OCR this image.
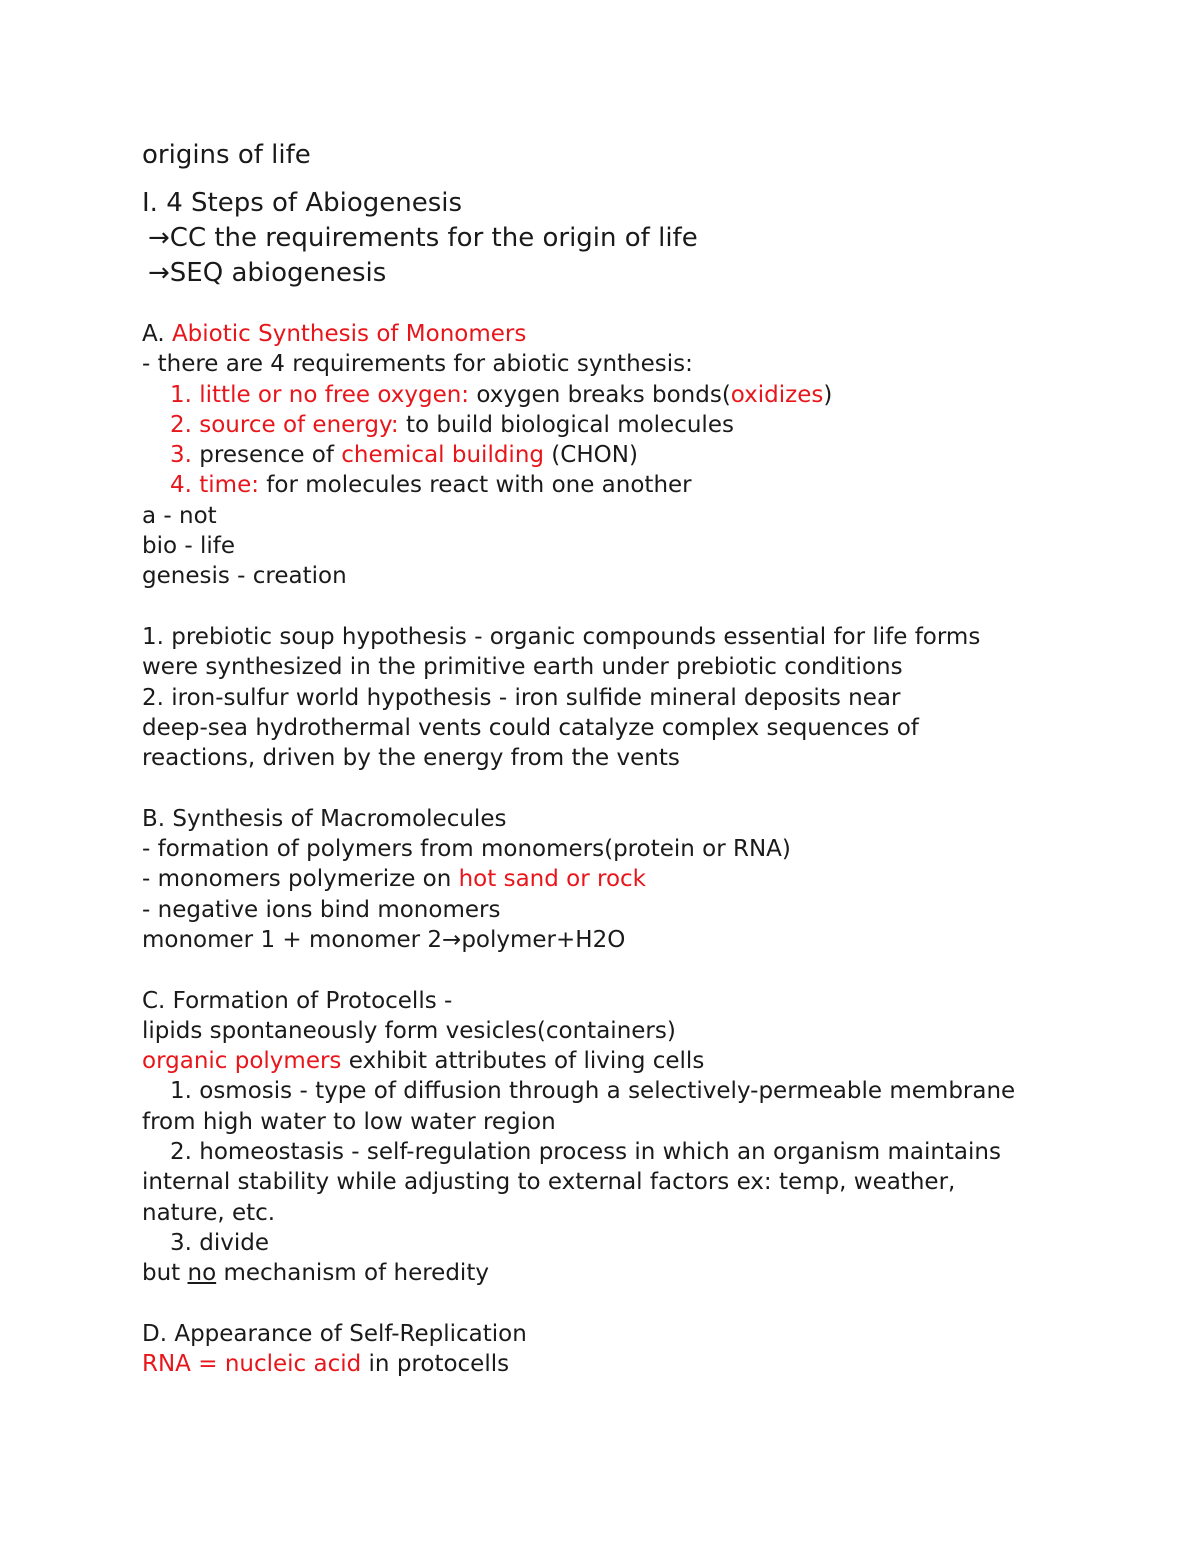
origins of life
I. 4 Steps of Abiogenesis
→CC the requirements for the origin of life
→SEQ abiogenesis
A. Abiotic Synthesis of Monomers
- there are 4 requirements for abiotic synthesis:
1. little or no free oxygen: oxygen breaks bonds(oxidizes)
2. source of energy: to build biological molecules
3. presence of chemical building (CHON)
4. time: for molecules react with one another
a - not
bio - life
genesis - creation
1. prebiotic soup hypothesis - organic compounds essential for life forms
were synthesized in the primitive earth under prebiotic conditions
2. iron-sulfur world hypothesis - iron sulfide mineral deposits near
deep-sea hydrothermal vents could catalyze complex sequences of
reactions, driven by the energy from the vents
B. Synthesis of Macromolecules
- formation of polymers from monomers(protein or RNA)
- monomers polymerize on hot sand or rock
- negative ions bind monomers
monomer 1 + monomer 2→polymer+H2O
C. Formation of Protocells -
lipids spontaneously form vesicles(containers)
organic polymers exhibit attributes of living cells
1. osmosis - type of diffusion through a selectively-permeable membrane
from high water to low water region
2. homeostasis - self-regulation process in which an organism maintains
internal stability while adjusting to external factors ex: temp, weather,
nature, etc.
3. divide
but no mechanism of heredity
D. Appearance of Self-Replication
RNA = nucleic acid in protocells
